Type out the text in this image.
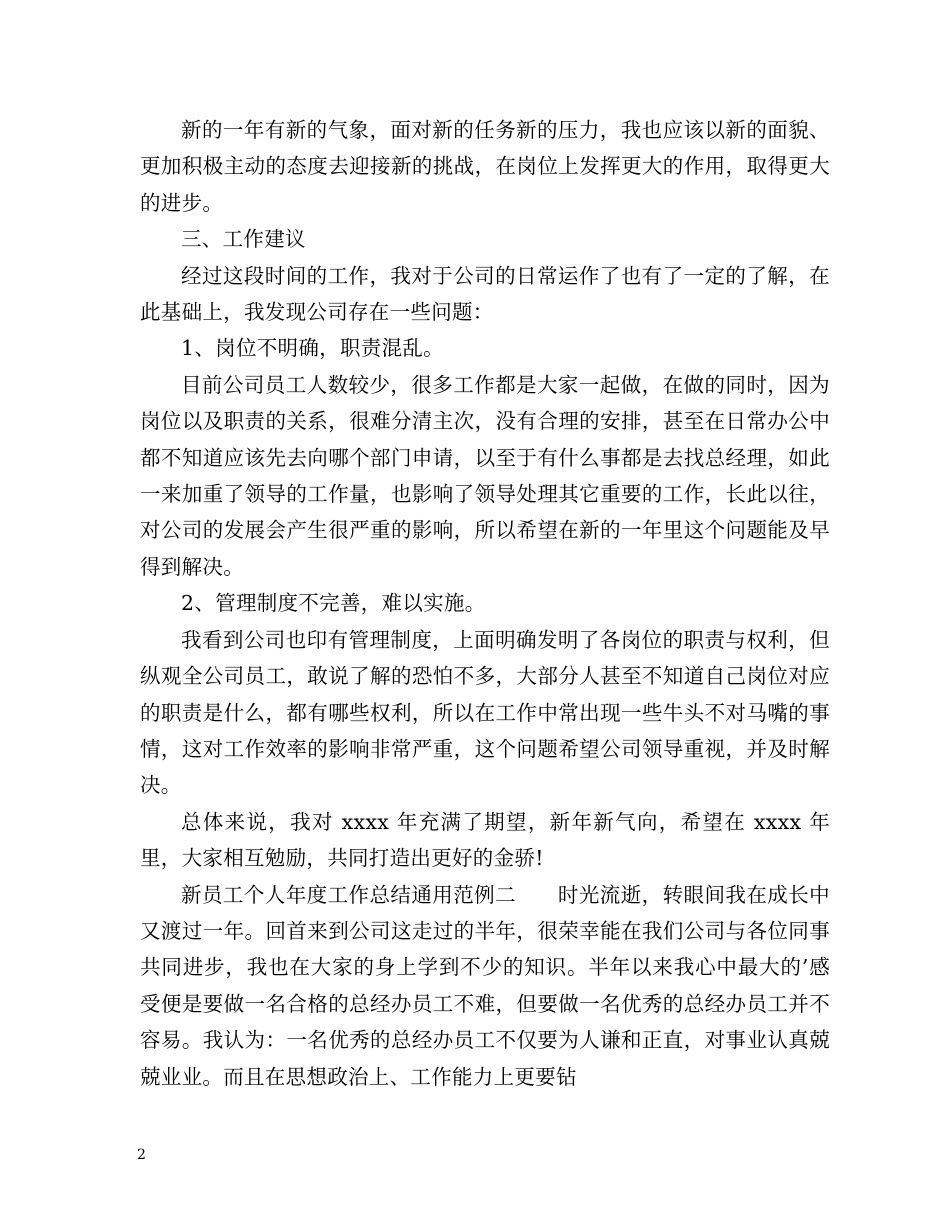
新的一年有新的气象，面对新的任务新的压力，我也应该以新的面貌、更加积极主动的态度去迎接新的挑战，在岗位上发挥更大的作用，取得更大的进步。

三、工作建议

经过这段时间的工作，我对于公司的日常运作了也有了一定的了解，在此基础上，我发现公司存在一些问题：

1、岗位不明确，职责混乱。

目前公司员工人数较少，很多工作都是大家一起做，在做的同时，因为岗位以及职责的关系，很难分清主次，没有合理的安排，甚至在日常办公中都不知道应该先去向哪个部门申请，以至于有什么事都是去找总经理，如此一来加重了领导的工作量，也影响了领导处理其它重要的工作，长此以往，对公司的发展会产生很严重的影响，所以希望在新的一年里这个问题能及早得到解决。

2、管理制度不完善，难以实施。

我看到公司也印有管理制度，上面明确发明了各岗位的职责与权利，但纵观全公司员工，敢说了解的恐怕不多，大部分人甚至不知道自己岗位对应的职责是什么，都有哪些权利，所以在工作中常出现一些牛头不对马嘴的事情，这对工作效率的影响非常严重，这个问题希望公司领导重视，并及时解决。

总体来说，我对 xxxx 年充满了期望，新年新气向，希望在 xxxx 年里，大家相互勉励，共同打造出更好的金骄!

新员工个人年度工作总结通用范例二　　时光流逝，转眼间我在成长中又渡过一年。回首来到公司这走过的半年，很荣幸能在我们公司与各位同事共同进步，我也在大家的身上学到不少的知识。半年以来我心中最大的’感受便是要做一名合格的总经办员工不难，但要做一名优秀的总经办员工并不容易。我认为：一名优秀的总经办员工不仅要为人谦和正直，对事业认真兢兢业业。而且在思想政治上、工作能力上更要钻

2
